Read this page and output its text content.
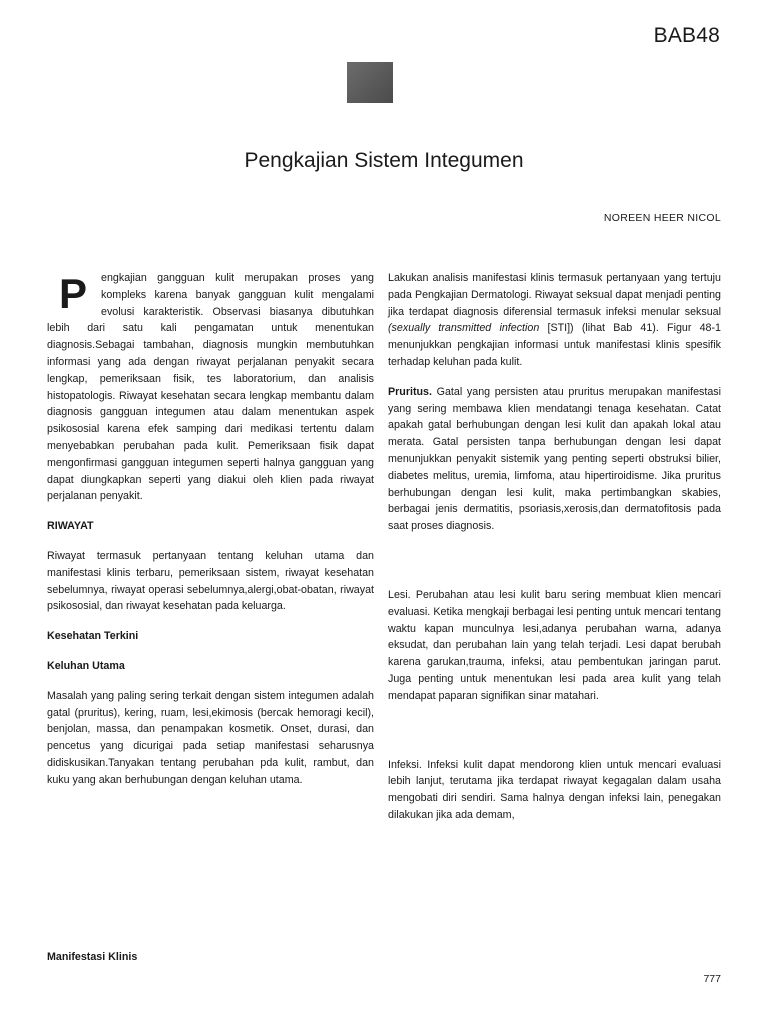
BAB48
Pengkajian Sistem Integumen
NOREEN HEER NICOL

P engkajian gangguan kulit merupakan proses yang kompleks karena banyak gangguan kulit mengalami evolusi karakteristik. Observasi biasanya dibutuhkan lebih dari satu kali pengamatan untuk menentukan diagnosis.Sebagai tambahan, diagnosis mungkin membutuhkan informasi yang ada dengan riwayat perjalanan penyakit secara lengkap, pemeriksaan fisik, tes laboratorium, dan analisis histopatologis. Riwayat kesehatan secara lengkap membantu dalam diagnosis gangguan integumen atau dalam menentukan aspek psikososial karena efek samping dari medikasi tertentu dalam menyebabkan perubahan pada kulit. Pemeriksaan fisik dapat mengonfirmasi gangguan integumen seperti halnya gangguan yang dapat diungkapkan seperti yang diakui oleh klien pada riwayat perjalanan penyakit.

RIWAYAT

Riwayat termasuk pertanyaan tentang keluhan utama dan manifestasi klinis terbaru, pemeriksaan sistem, riwayat kesehatan sebelumnya, riwayat operasi sebelumnya,alergi,obat-obatan, riwayat psikososial, dan riwayat kesehatan pada keluarga.

Kesehatan Terkini

Keluhan Utama

Masalah yang paling sering terkait dengan sistem integumen adalah gatal (pruritus), kering, ruam, lesi,ekimosis (bercak hemoragi kecil), benjolan, massa, dan penampakan kosmetik. Onset, durasi, dan pencetus yang dicurigai pada setiap manifestasi seharusnya didiskusikan.Tanyakan tentang perubahan pda kulit, rambut, dan kuku yang akan berhubungan dengan keluhan utama.

Lakukan analisis manifestasi klinis termasuk pertanyaan yang tertuju pada Pengkajian Dermatologi. Riwayat seksual dapat menjadi penting jika terdapat diagnosis diferensial termasuk infeksi menular seksual (sexually transmitted infection [STI]) (lihat Bab 41). Figur 48-1 menunjukkan pengkajian informasi untuk manifestasi klinis spesifik terhadap keluhan pada kulit.

Pruritus. Gatal yang persisten atau pruritus merupakan manifestasi yang sering membawa klien mendatangi tenaga kesehatan. Catat apakah gatal berhubungan dengan lesi kulit dan apakah lokal atau merata. Gatal persisten tanpa berhubungan dengan lesi dapat menunjukkan penyakit sistemik yang penting seperti obstruksi bilier, diabetes melitus, uremia, limfoma, atau hipertiroidisme. Jika pruritus berhubungan dengan lesi kulit, maka pertimbangkan skabies, berbagai jenis dermatitis, psoriasis,xerosis,dan dermatofitosis pada saat proses diagnosis.

Lesi. Perubahan atau lesi kulit baru sering membuat klien mencari evaluasi. Ketika mengkaji berbagai lesi penting untuk mencari tentang waktu kapan munculnya lesi,adanya perubahan warna, adanya eksudat, dan perubahan lain yang telah terjadi. Lesi dapat berubah karena garukan,trauma, infeksi, atau pembentukan jaringan parut. Juga penting untuk menentukan lesi pada area kulit yang telah mendapat paparan signifikan sinar matahari.

Infeksi. Infeksi kulit dapat mendorong klien untuk mencari evaluasi lebih lanjut, terutama jika terdapat riwayat kegagalan dalam usaha mengobati diri sendiri. Sama halnya dengan infeksi lain, penegakan dilakukan jika ada demam,

Manifestasi Klinis
777
